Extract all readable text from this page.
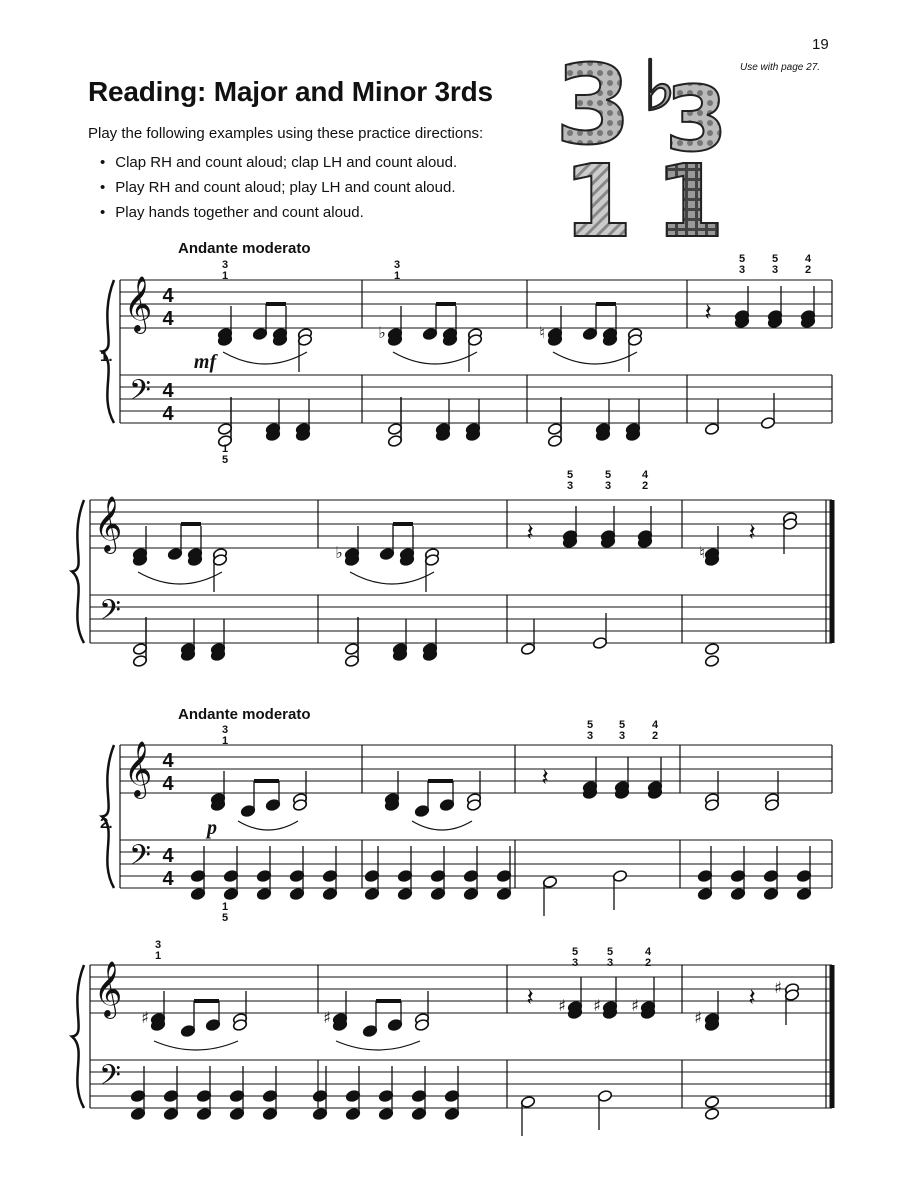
19
Use with page 27.
Reading: Major and Minor 3rds
Play the following examples using these practice directions:
• Clap RH and count aloud; clap LH and count aloud.
• Play RH and count aloud; play LH and count aloud.
• Play hands together and count aloud.
3
1
♭
3
1
Andante moderato
1.
Andante moderato
2.
𝄞
𝄢
4
4
4
4
♭	♮
3
1
3
1
1
5
mf
𝄽
5
3
5
3
4
2
𝄞
𝄢
♭
𝄽
5
3
5
3
4
2
♮
𝄽
𝄞
𝄢
4
4
4
4
3
1
1
5
p
𝄽
5
3
5
3
4
2
𝄞
𝄢
♯	♯
3
1
𝄽 ♯
5
3
♯
5
3
♯
4
2
♯
𝄽 ♯
